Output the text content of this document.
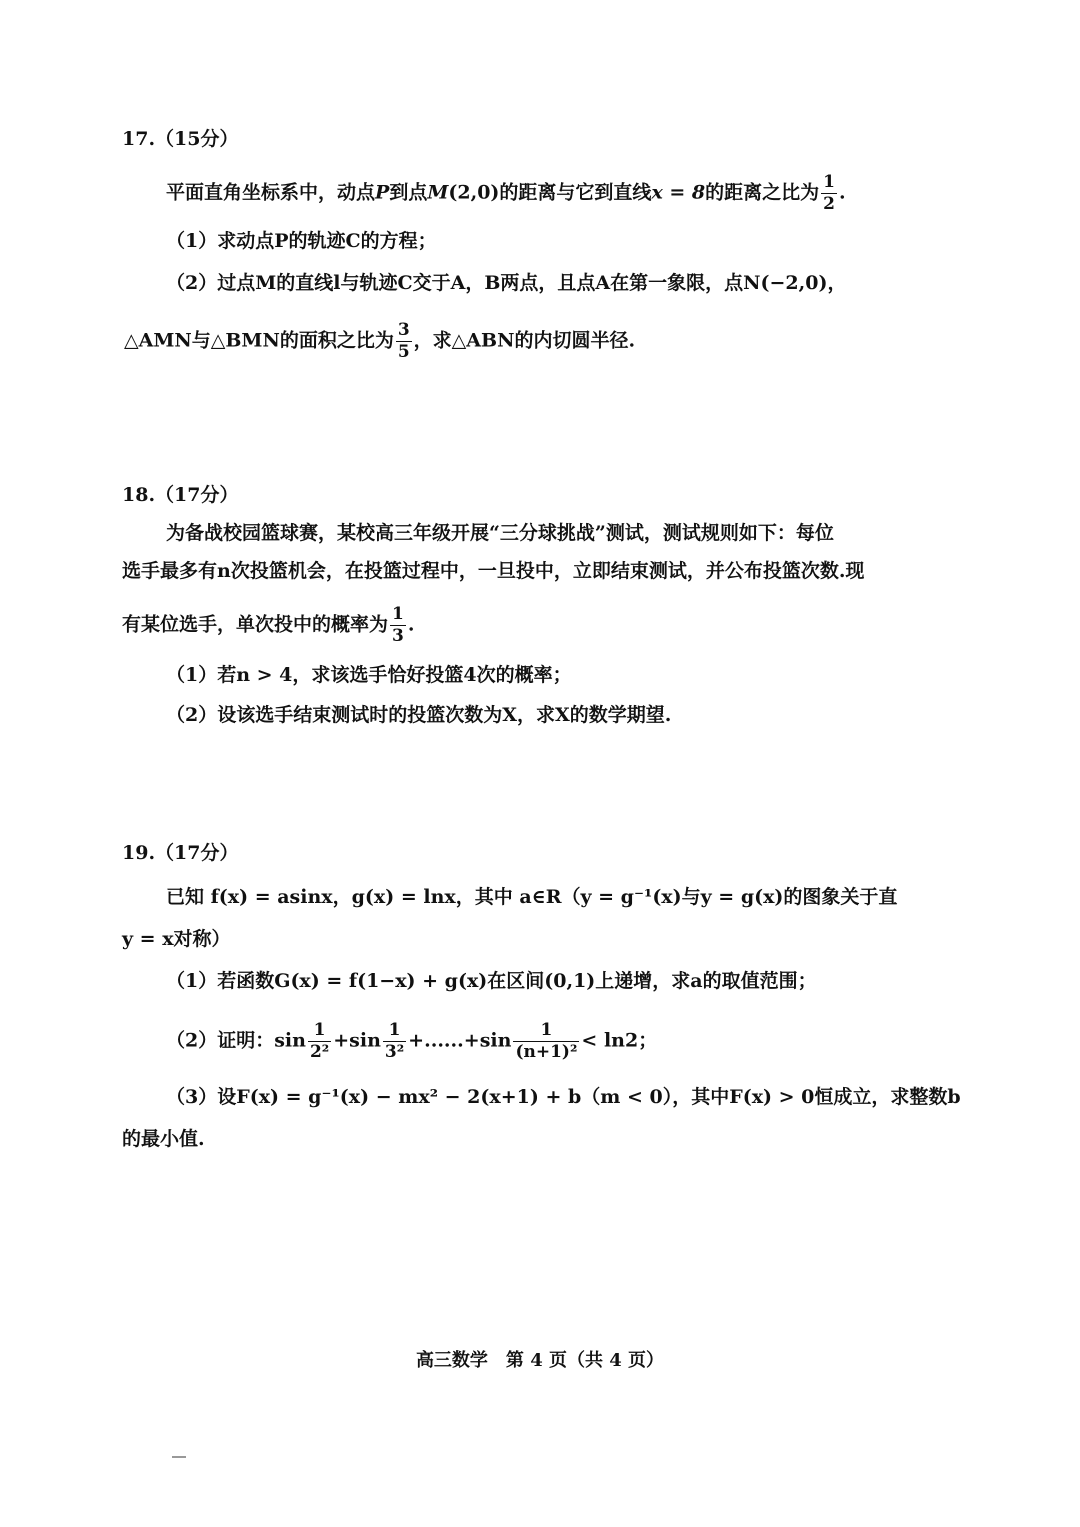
17.（15分）
平面直角坐标系中，动点P到点M(2,0)的距离与它到直线x = 8的距离之比为 $\frac{1}{2}$ .
（1）求动点P的轨迹C的方程；
（2）过点M的直线l与轨迹C交于A，B两点，且点A在第一象限，点N(−2,0)，
△AMN与△BMN的面积之比为 $\frac{3}{5}$ ，求△ABN的内切圆半径.
18.（17分）
为备战校园篮球赛，某校高三年级开展“三分球挑战”测试，测试规则如下：每位
选手最多有n次投篮机会，在投篮过程中，一旦投中，立即结束测试，并公布投篮次数.现
有某位选手，单次投中的概率为 $\frac{1}{3}$ .
（1）若n > 4，求该选手恰好投篮4次的概率；
（2）设该选手结束测试时的投篮次数为X，求X的数学期望.
19.（17分）
已知 f(x) = asinx，g(x) = lnx，其中 a∈R（y = g⁻¹(x)与y = g(x)的图象关于直
y = x对称）
（1）若函数G(x) = f(1−x) + g(x)在区间(0,1)上递增，求a的取值范围；
（2）证明：$\sin \frac{1}{\text{2²}} +\sin \frac{1}{\text{3²}} +......+\sin \frac{1}{\text{(n+1)²}} < \ln 2$；
（3）设F(x) = g⁻¹(x) − mx² − 2(x+1) + b（m < 0），其中F(x) > 0恒成立，求整数b
的最小值.
高三数学　第 4 页（共 4 页）
